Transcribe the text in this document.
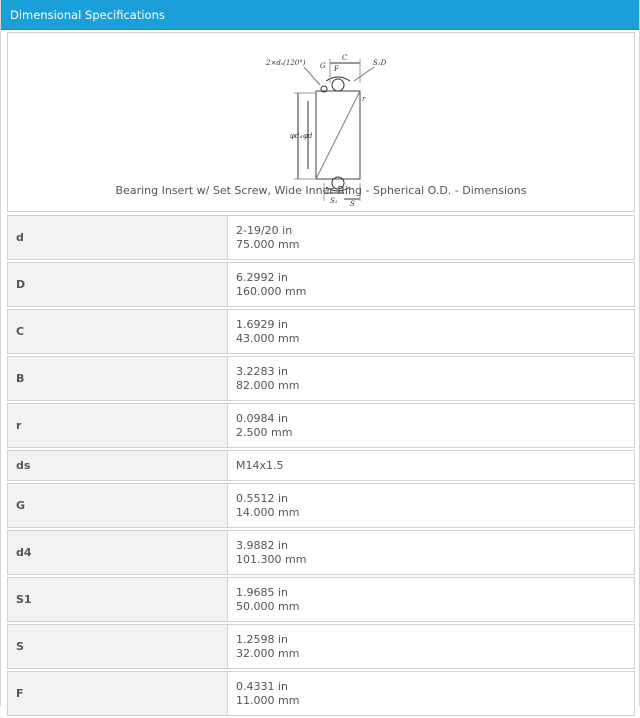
Dimensional Specifications
2×dₛ(120°) G
C
F
S₁D
r
φd₄ φd
S₁ S
Bearing Insert w/ Set Screw, Wide Inner Ring - Spherical O.D. - Dimensions
d	2-19/20 in
75.000 mm

D	6.2992 in
160.000 mm

C	1.6929 in
43.000 mm

B	3.2283 in
82.000 mm

r	0.0984 in
2.500 mm

ds	M14x1.5

G	0.5512 in
14.000 mm

d4	3.9882 in
101.300 mm

S1	1.9685 in
50.000 mm

S	1.2598 in
32.000 mm

F	0.4331 in
11.000 mm
